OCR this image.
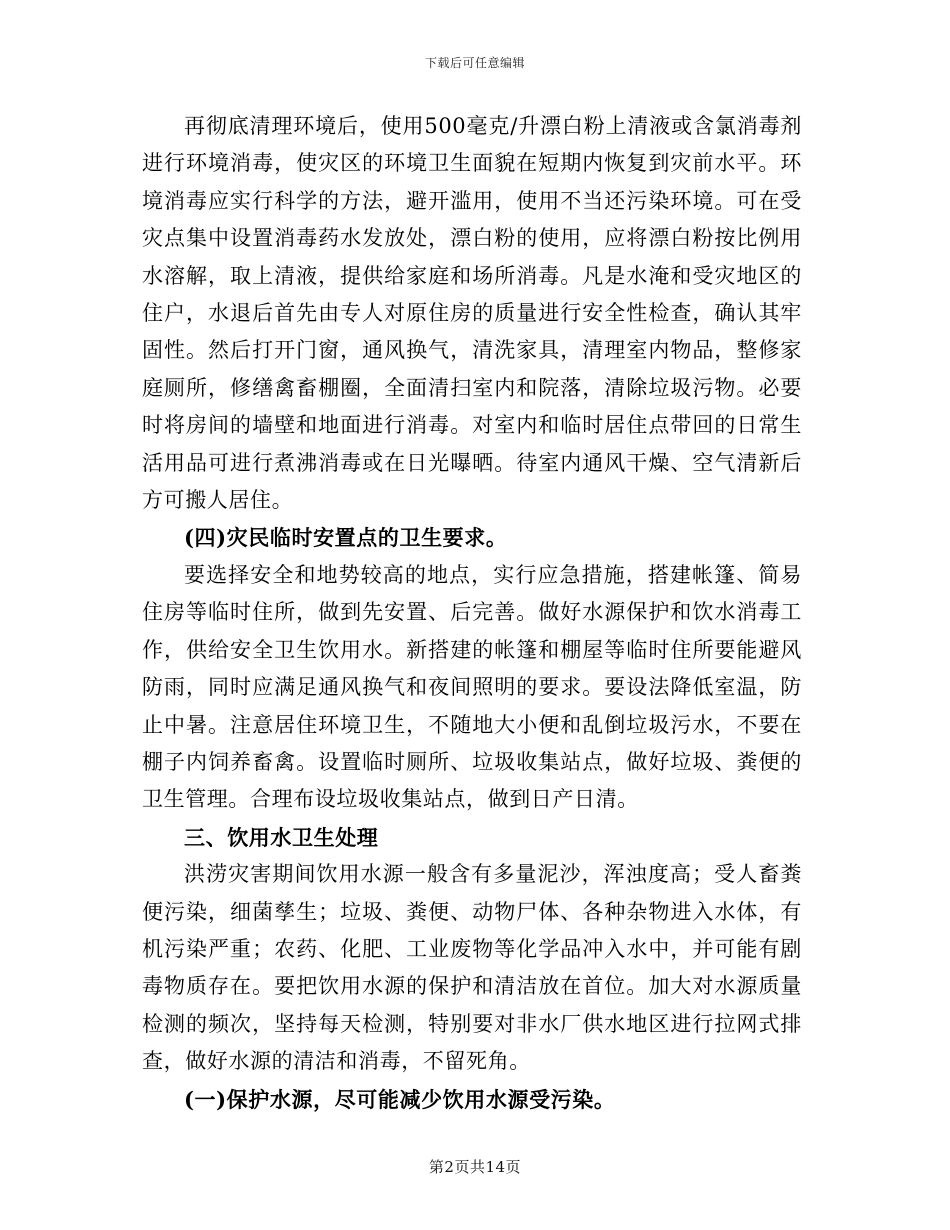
下载后可任意编辑

再彻底清理环境后，使用500毫克/升漂白粉上清液或含氯消毒剂进行环境消毒，使灾区的环境卫生面貌在短期内恢复到灾前水平。环境消毒应实行科学的方法，避开滥用，使用不当还污染环境。可在受灾点集中设置消毒药水发放处，漂白粉的使用，应将漂白粉按比例用水溶解，取上清液，提供给家庭和场所消毒。凡是水淹和受灾地区的住户，水退后首先由专人对原住房的质量进行安全性检查，确认其牢固性。然后打开门窗，通风换气，清洗家具，清理室内物品，整修家庭厕所，修缮禽畜棚圈，全面清扫室内和院落，清除垃圾污物。必要时将房间的墙壁和地面进行消毒。对室内和临时居住点带回的日常生活用品可进行煮沸消毒或在日光曝晒。待室内通风干燥、空气清新后方可搬人居住。

(四)灾民临时安置点的卫生要求。

要选择安全和地势较高的地点，实行应急措施，搭建帐篷、简易住房等临时住所，做到先安置、后完善。做好水源保护和饮水消毒工作，供给安全卫生饮用水。新搭建的帐篷和棚屋等临时住所要能避风防雨，同时应满足通风换气和夜间照明的要求。要设法降低室温，防止中暑。注意居住环境卫生，不随地大小便和乱倒垃圾污水，不要在棚子内饲养畜禽。设置临时厕所、垃圾收集站点，做好垃圾、粪便的卫生管理。合理布设垃圾收集站点，做到日产日清。

三、饮用水卫生处理

洪涝灾害期间饮用水源一般含有多量泥沙，浑浊度高；受人畜粪便污染，细菌孳生；垃圾、粪便、动物尸体、各种杂物进入水体，有机污染严重；农药、化肥、工业废物等化学品冲入水中，并可能有剧毒物质存在。要把饮用水源的保护和清洁放在首位。加大对水源质量检测的频次，坚持每天检测，特别要对非水厂供水地区进行拉网式排查，做好水源的清洁和消毒，不留死角。

(一)保护水源，尽可能减少饮用水源受污染。

第2页共14页
